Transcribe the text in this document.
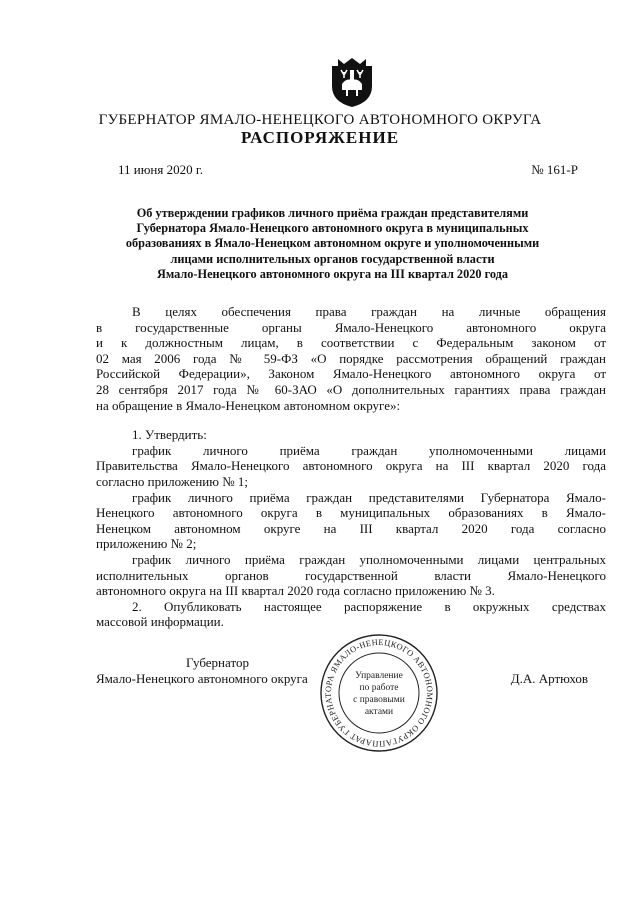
ГУБЕРНАТОР ЯМАЛО-НЕНЕЦКОГО АВТОНОМНОГО ОКРУГА
РАСПОРЯЖЕНИЕ
11 июня 2020 г.	№ 161-Р
Об утверждении графиков личного приёма граждан представителями
Губернатора Ямало-Ненецкого автономного округа в муниципальных
образованиях в Ямало-Ненецком автономном округе и уполномоченными
лицами исполнительных органов государственной власти
Ямало-Ненецкого автономного округа на III квартал 2020 года

В целях обеспечения права граждан на личные обращения

в государственные органы Ямало-Ненецкого автономного округа

и к должностным лицам, в соответствии с Федеральным законом от

02 мая 2006 года № 59-ФЗ «О порядке рассмотрения обращений граждан

Российской Федерации», Законом Ямало-Ненецкого автономного округа от

28 сентября 2017 года № 60-ЗАО «О дополнительных гарантиях права граждан

на обращение в Ямало-Ненецком автономном округе»:

1. Утвердить:

график личного приёма граждан уполномоченными лицами

Правительства Ямало-Ненецкого автономного округа на III квартал 2020 года

согласно приложению № 1;

график личного приёма граждан представителями Губернатора Ямало-

Ненецкого автономного округа в муниципальных образованиях в Ямало-

Ненецком автономном округе на III квартал 2020 года согласно

приложению № 2;

график личного приёма граждан уполномоченными лицами центральных

исполнительных органов государственной власти Ямало-Ненецкого

автономного округа на III квартал 2020 года согласно приложению № 3.

2. Опубликовать настоящее распоряжение в окружных средствах

массовой информации.

Губернатор
Ямало-Ненецкого автономного округа	Д.А. Артюхов
АППАРАТ ГУБЕРНАТОРА ЯМАЛО-НЕНЕЦКОГО АВТОНОМНОГО ОКРУГА
Управление
по работе
с правовыми
актами
